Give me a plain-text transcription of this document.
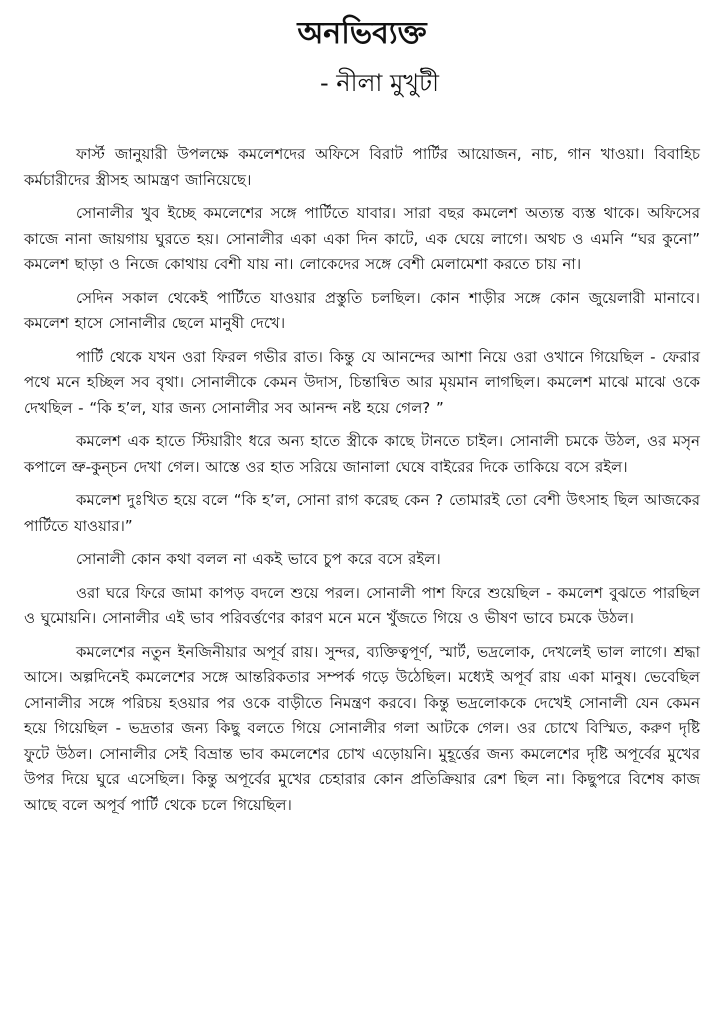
অনভিব্যক্ত

- নীলা মুখুটী

ফার্স্ট জানুয়ারী উপলক্ষে কমলেশদের অফিসে বিরাট পার্টির আয়োজন, নাচ, গান খাওয়া। বিবাহিচ কর্মচারীদের স্ত্রীসহ আমন্ত্রণ জানিয়েছে।

সোনালীর খুব ইচ্ছে কমলেশের সঙ্গে পার্টিতে যাবার। সারা বছর কমলেশ অত্যন্ত ব্যস্ত থাকে। অফিসের কাজে নানা জায়গায় ঘুরতে হয়। সোনালীর একা একা দিন কাটে, এক ঘেয়ে লাগে। অথচ ও এমনি “ঘর কুনো” কমলেশ ছাড়া ও নিজে কোথায় বেশী যায় না। লোকেদের সঙ্গে বেশী মেলামেশা করতে চায় না।

সেদিন সকাল থেকেই পার্টিতে যাওয়ার প্রস্তুতি চলছিল। কোন শাড়ীর সঙ্গে কোন জুয়েলারী মানাবে। কমলেশ হাসে সোনালীর ছেলে মানুষী দেখে।

পার্টি থেকে যখন ওরা ফিরল গভীর রাত। কিন্তু যে আনন্দের আশা নিয়ে ওরা ওখানে গিয়েছিল - ফেরার পথে মনে হচ্ছিল সব বৃথা। সোনালীকে কেমন উদাস, চিন্তান্বিত আর মৃয়মান লাগছিল। কমলেশ মাঝে মাঝে ওকে দেখছিল - “কি হ’ল, যার জন্য সোনালীর সব আনন্দ নষ্ট হয়ে গেল? ”

কমলেশ এক হাতে স্টিয়ারীং ধরে অন্য হাতে স্ত্রীকে কাছে টানতে চাইল। সোনালী চমকে উঠল, ওর মসৃন কপালে ভ্রু-কুন্চন দেখা গেল। আস্তে ওর হাত সরিয়ে জানালা ঘেষে বাইরের দিকে তাকিয়ে বসে রইল।

কমলেশ দুঃখিত হয়ে বলে “কি হ’ল, সোনা রাগ করেছ কেন ? তোমারই তো বেশী উৎসাহ ছিল আজকের পার্টিতে যাওয়ার।”

সোনালী কোন কথা বলল না একই ভাবে চুপ করে বসে রইল।

ওরা ঘরে ফিরে জামা কাপড় বদলে শুয়ে পরল। সোনালী পাশ ফিরে শুয়েছিল - কমলেশ বুঝতে পারছিল ও ঘুমোয়নি। সোনালীর এই ভাব পরিবর্ত্তণের কারণ মনে মনে খুঁজতে গিয়ে ও ভীষণ ভাবে চমকে উঠল।

কমলেশের নতুন ইনজিনীয়ার অপূর্ব রায়। সুন্দর, ব্যক্তিত্বপূর্ণ, স্মার্ট, ভদ্রলোক, দেখলেই ভাল লাগে। শ্রদ্ধা আসে। অল্পদিনেই কমলেশের সঙ্গে আন্তরিকতার সম্পর্ক গড়ে উঠেছিল। মধ্যেই অপূর্ব রায় একা মানুষ। ভেবেছিল সোনালীর সঙ্গে পরিচয় হওয়ার পর ওকে বাড়ীতে নিমন্ত্রণ করবে। কিন্তু ভদ্রলোককে দেখেই সোনালী যেন কেমন হয়ে গিয়েছিল - ভদ্রতার জন্য কিছু বলতে গিয়ে সোনালীর গলা আটকে গেল। ওর চোখে বিস্মিত, করুণ দৃষ্টি ফুটে উঠল। সোনালীর সেই বিভ্রান্ত ভাব কমলেশের চোখ এড়োয়নি। মুহূর্ত্তের জন্য কমলেশের দৃষ্টি অপূর্বের মুখের উপর দিয়ে ঘুরে এসেছিল। কিন্তু অপূর্বের মুখের চেহারার কোন প্রতিক্রিয়ার রেশ ছিল না। কিছুপরে বিশেষ কাজ আছে বলে অপূর্ব পার্টি থেকে চলে গিয়েছিল।
